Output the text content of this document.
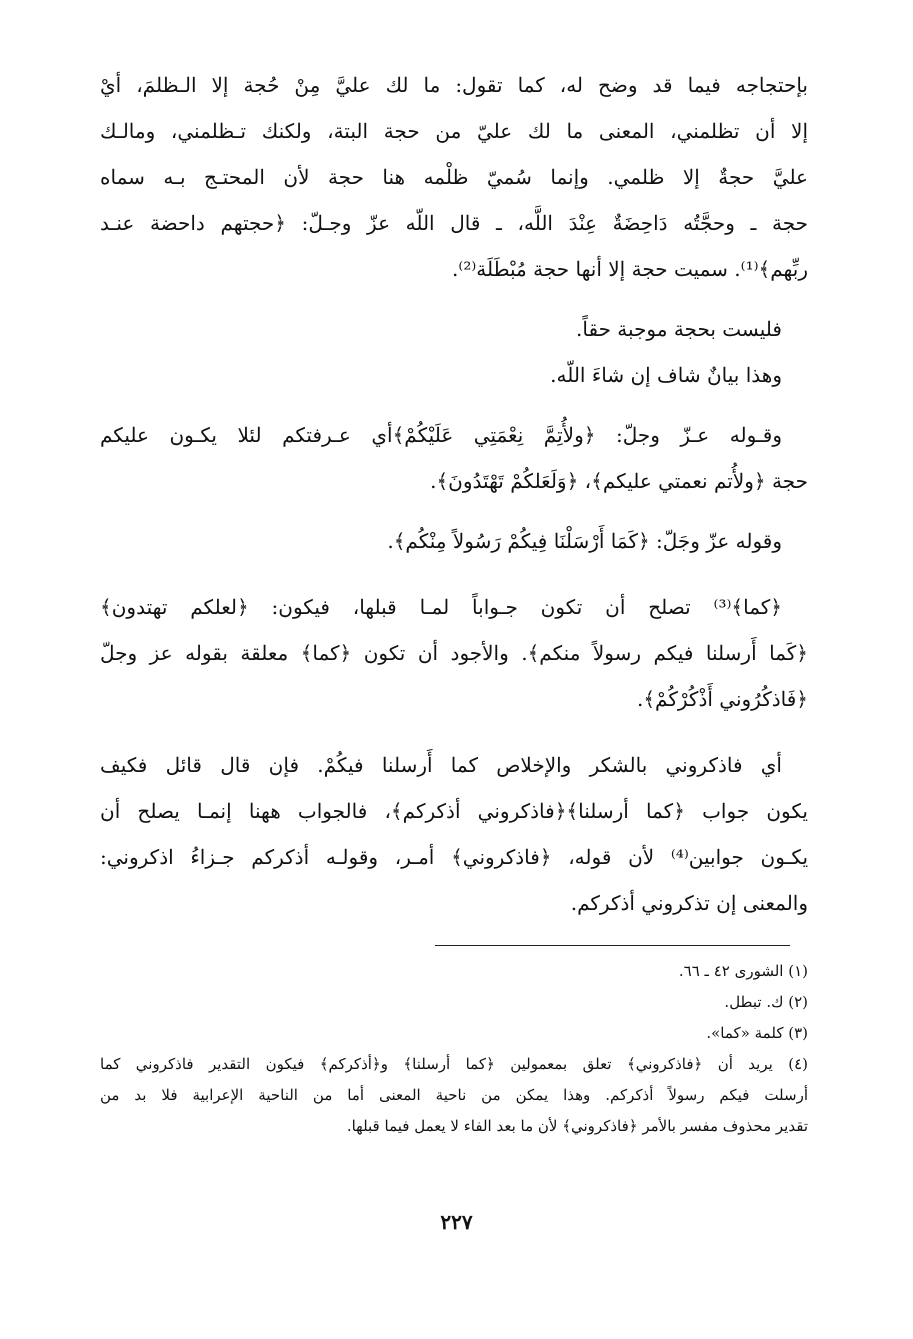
بإحتجاجه فيما قد وضح له، كما تقول: ما لك عليَّ مِنْ حُجة إلا الـظلمَ، أيْ
إلا أن تظلمني، المعنى ما لك عليّ من حجة البتة، ولكنك تـظلمني، ومالـك
عليَّ حجةٌ إلا ظلمي. وإنما سُميّ ظلْمه هنا حجة لأن المحتـج بـه سماه
حجة ـ وحجَّتُه دَاحِضَةٌ عِنْدَ اللَّه، ـ قال اللّه عزّ وجـلّ: ﴿حجتهم داحضة عنـد
ربِّهم﴾⁽¹⁾. سميت حجة إلا أنها حجة مُبْطَلَة⁽²⁾.
فليست بحجة موجبة حقاً.
وهذا بيانٌ شاف إن شاءَ اللّه.
وقـوله عـزّ وجلّ: ﴿ولأُتِمَّ نِعْمَتِي عَلَيْكُمْ﴾أي عـرفتكم لئلا يكـون عليكم
حجة ﴿ولأُتم نعمتي عليكم﴾، ﴿وَلَعَلكُمْ تَهْتَدُونَ﴾.
وقوله عزّ وجَلّ: ﴿كَمَا أَرْسَلْنَا فِيكُمْ رَسُولاً مِنْكُم﴾.
﴿كما﴾⁽³⁾ تصلح أن تكون جـواباً لمـا قبلها، فيكون: ﴿لعلكم تهتدون﴾
﴿كَما أَرسلنا فيكم رسولاً منكم﴾. والأجود أن تكون ﴿كما﴾ معلقة بقوله عز وجلّ
﴿فَاذكُرُوني أَذْكُرْكُمْ﴾.
أي فاذكروني بالشكر والإخلاص كما أَرسلنا فيكُمْ. فإن قال قائل فكيف
يكون جواب ﴿كما أرسلنا﴾﴿فاذكروني أذكركم﴾، فالجواب ههنا إنمـا يصلح أن
يكـون جوابين⁽⁴⁾ لأن قوله، ﴿فاذكروني﴾ أمـر، وقولـه أذكركم جـزاءُ اذكروني:
والمعنى إن تذكروني أذكركم.
(١) الشورى ٤٢ ـ ٦٦.
(٢) ك. تبطل.
(٣) كلمة «كما».
(٤) يريد أن ﴿فاذكروني﴾ تعلق بمعمولين ﴿كما أرسلنا﴾ و﴿أذكركم﴾ فيكون التقدير فاذكروني كما
أرسلت فيكم رسولاً أذكركم. وهذا يمكن من ناحية المعنى أما من الناحية الإعرابية فلا بد من
تقدير محذوف مفسر بالأمر ﴿فاذكروني﴾ لأن ما بعد الفاء لا يعمل فيما قبلها.
٢٢٧
